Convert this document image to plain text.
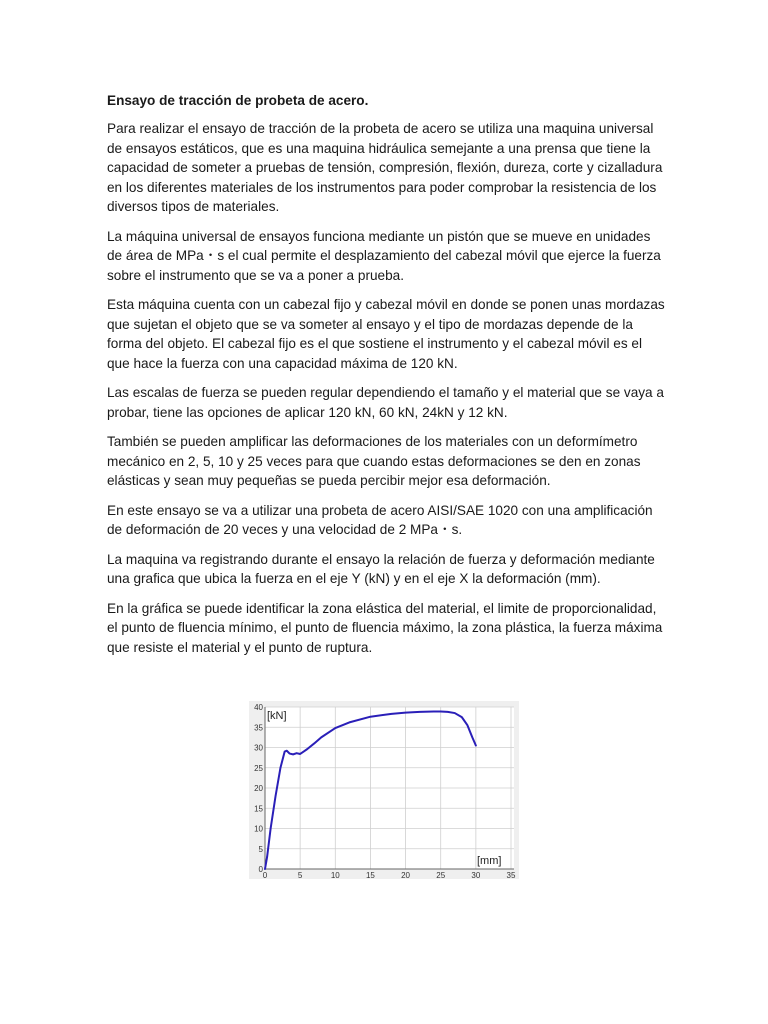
Ensayo de tracción de probeta de acero.

Para realizar el ensayo de tracción de la probeta de acero se utiliza una maquina universal de ensayos estáticos, que es una maquina hidráulica semejante a una prensa que tiene la capacidad de someter a pruebas de tensión, compresión, flexión, dureza, corte y cizalladura en los diferentes materiales de los instrumentos para poder comprobar la resistencia de los diversos tipos de materiales.

La máquina universal de ensayos funciona mediante un pistón que se mueve en unidades de área de MPa・s el cual permite el desplazamiento del cabezal móvil que ejerce la fuerza sobre el instrumento que se va a poner a prueba.

Esta máquina cuenta con un cabezal fijo y cabezal móvil en donde se ponen unas mordazas que sujetan el objeto que se va someter al ensayo y el tipo de mordazas depende de la forma del objeto. El cabezal fijo es el que sostiene el instrumento y el cabezal móvil es el que hace la fuerza con una capacidad máxima de 120 kN.

Las escalas de fuerza se pueden regular dependiendo el tamaño y el material que se vaya a probar, tiene las opciones de aplicar 120 kN, 60 kN, 24kN y 12 kN.

También se pueden amplificar las deformaciones de los materiales con un deformímetro mecánico en 2, 5, 10 y 25 veces para que cuando estas deformaciones se den en zonas elásticas y sean muy pequeñas se pueda percibir mejor esa deformación.

En este ensayo se va a utilizar una probeta de acero AISI/SAE 1020 con una amplificación de deformación de 20 veces y una velocidad de 2 MPa・s.

La maquina va registrando durante el ensayo la relación de fuerza y deformación mediante una grafica que ubica la fuerza en el eje Y (kN) y en el eje X la deformación (mm).

En la gráfica se puede identificar la zona elástica del material, el limite de proporcionalidad, el punto de fluencia mínimo, el punto de fluencia máximo, la zona plástica, la fuerza máxima que resiste el material y el punto de ruptura.

0	5	10	15	20	25	30	35
0
5
10
15
20
25
30
35
40
[kN]
[mm]
